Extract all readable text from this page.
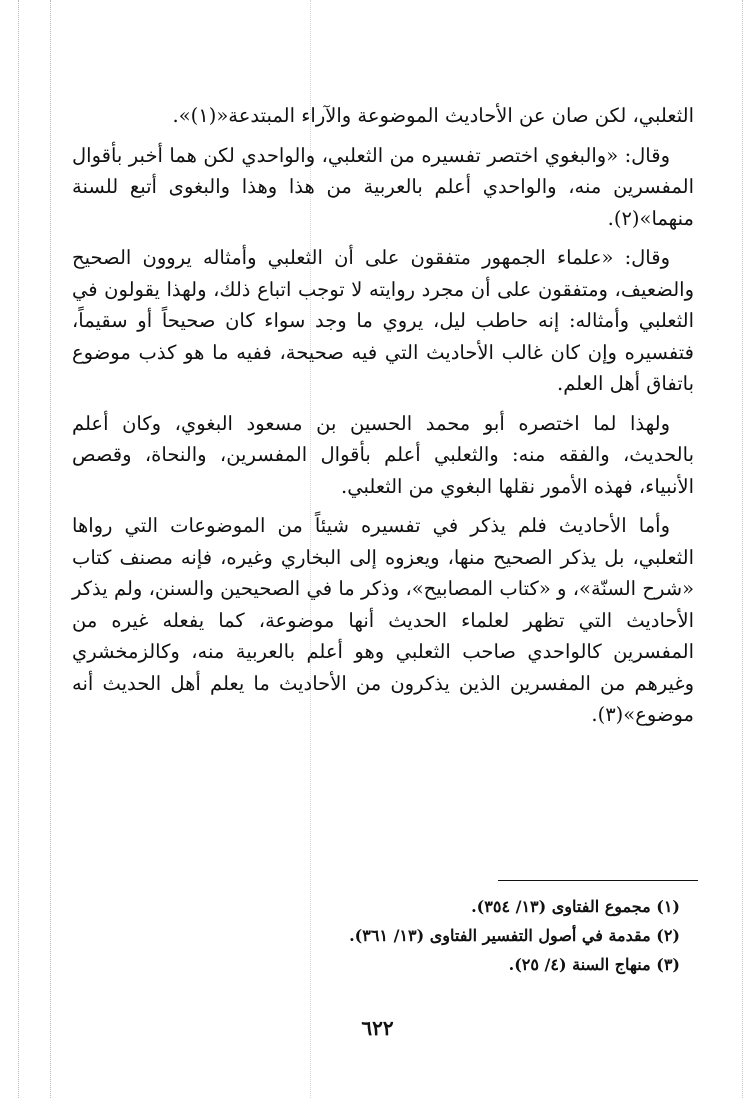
الثعلبي، لكن صان عن الأحاديث الموضوعة والآراء المبتدعة«(١)».

وقال: «والبغوي اختصر تفسيره من الثعلبي، والواحدي لكن هما أخبر بأقوال المفسرين منه، والواحدي أعلم بالعربية من هذا وهذا والبغوى أتبع للسنة منهما»(٢).

وقال: «علماء الجمهور متفقون على أن الثعلبي وأمثاله يروون الصحيح والضعيف، ومتفقون على أن مجرد روايته لا توجب اتباع ذلك، ولهذا يقولون في الثعلبي وأمثاله: إنه حاطب ليل، يروي ما وجد سواء كان صحيحاً أو سقيماً، فتفسيره وإن كان غالب الأحاديث التي فيه صحيحة، ففيه ما هو كذب موضوع باتفاق أهل العلم.

ولهذا لما اختصره أبو محمد الحسين بن مسعود البغوي، وكان أعلم بالحديث، والفقه منه: والثعلبي أعلم بأقوال المفسرين، والنحاة، وقصص الأنبياء، فهذه الأمور نقلها البغوي من الثعلبي.

وأما الأحاديث فلم يذكر في تفسيره شيئاً من الموضوعات التي رواها الثعلبي، بل يذكر الصحيح منها، ويعزوه إلى البخاري وغيره، فإنه مصنف كتاب «شرح السنّة»، و «كتاب المصابيح»، وذكر ما في الصحيحين والسنن، ولم يذكر الأحاديث التي تظهر لعلماء الحديث أنها موضوعة، كما يفعله غيره من المفسرين كالواحدي صاحب الثعلبي وهو أعلم بالعربية منه، وكالزمخشري وغيرهم من المفسرين الذين يذكرون من الأحاديث ما يعلم أهل الحديث أنه موضوع»(٣).

(١) مجموع الفتاوى (١٣/ ٣٥٤).

(٢) مقدمة في أصول التفسير الفتاوى (١٣/ ٣٦١).

(٣) منهاج السنة (٤/ ٢٥).

٦٢٢
